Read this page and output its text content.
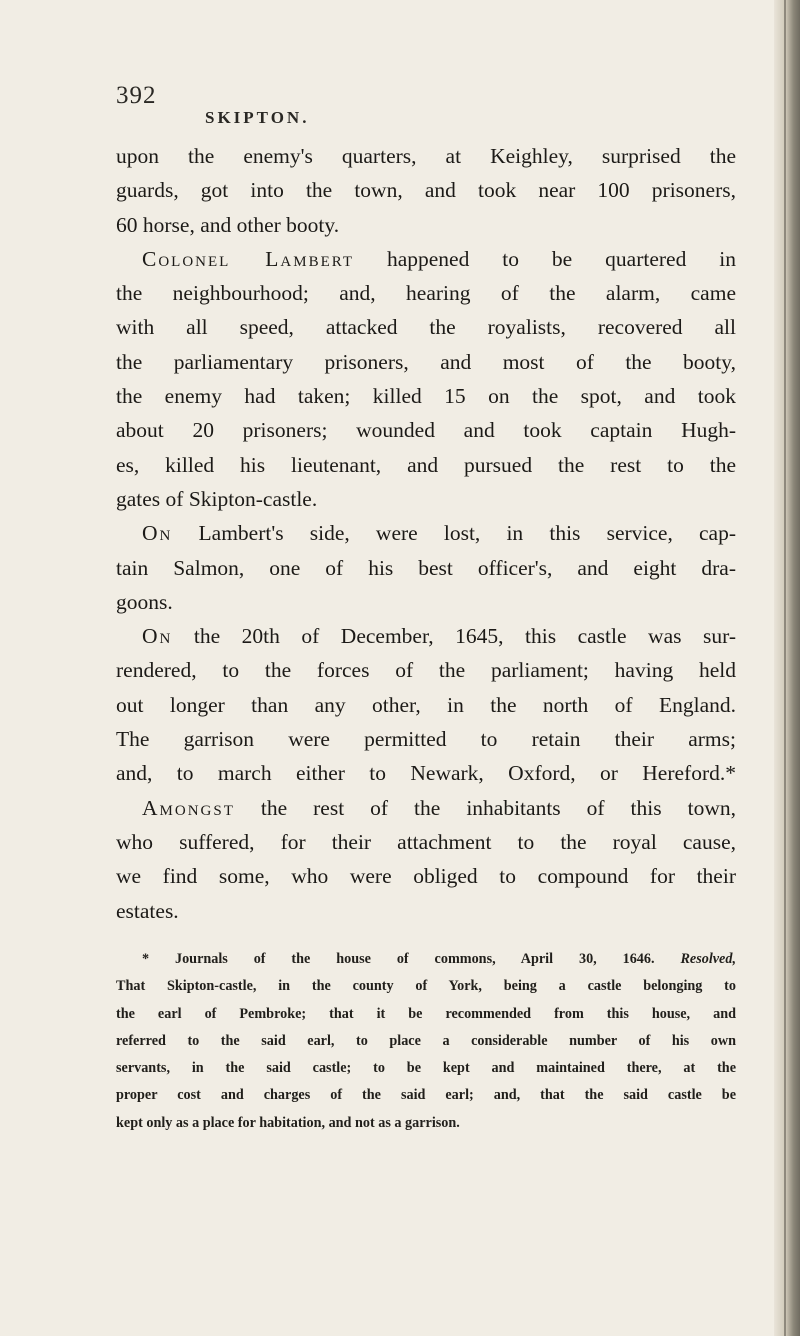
392
SKIPTON.
upon the enemy's quarters, at Keighley, surprised the
guards, got into the town, and took near 100 prisoners,
60 horse, and other booty.
Colonel Lambert happened to be quartered in
the neighbourhood; and, hearing of the alarm, came
with all speed, attacked the royalists, recovered all
the parliamentary prisoners, and most of the booty,
the enemy had taken; killed 15 on the spot, and took
about 20 prisoners; wounded and took captain Hugh-
es, killed his lieutenant, and pursued the rest to the
gates of Skipton-castle.
On Lambert's side, were lost, in this service, cap-
tain Salmon, one of his best officer's, and eight dra-
goons.
On the 20th of December, 1645, this castle was sur-
rendered, to the forces of the parliament; having held
out longer than any other, in the north of England.
The garrison were permitted to retain their arms;
and, to march either to Newark, Oxford, or Hereford.*
Amongst the rest of the inhabitants of this town,
who suffered, for their attachment to the royal cause,
we find some, who were obliged to compound for their
estates.
* Journals of the house of commons, April 30, 1646. Resolved,
That Skipton-castle, in the county of York, being a castle belonging to
the earl of Pembroke; that it be recommended from this house, and
referred to the said earl, to place a considerable number of his own
servants, in the said castle; to be kept and maintained there, at the
proper cost and charges of the said earl; and, that the said castle be
kept only as a place for habitation, and not as a garrison.
